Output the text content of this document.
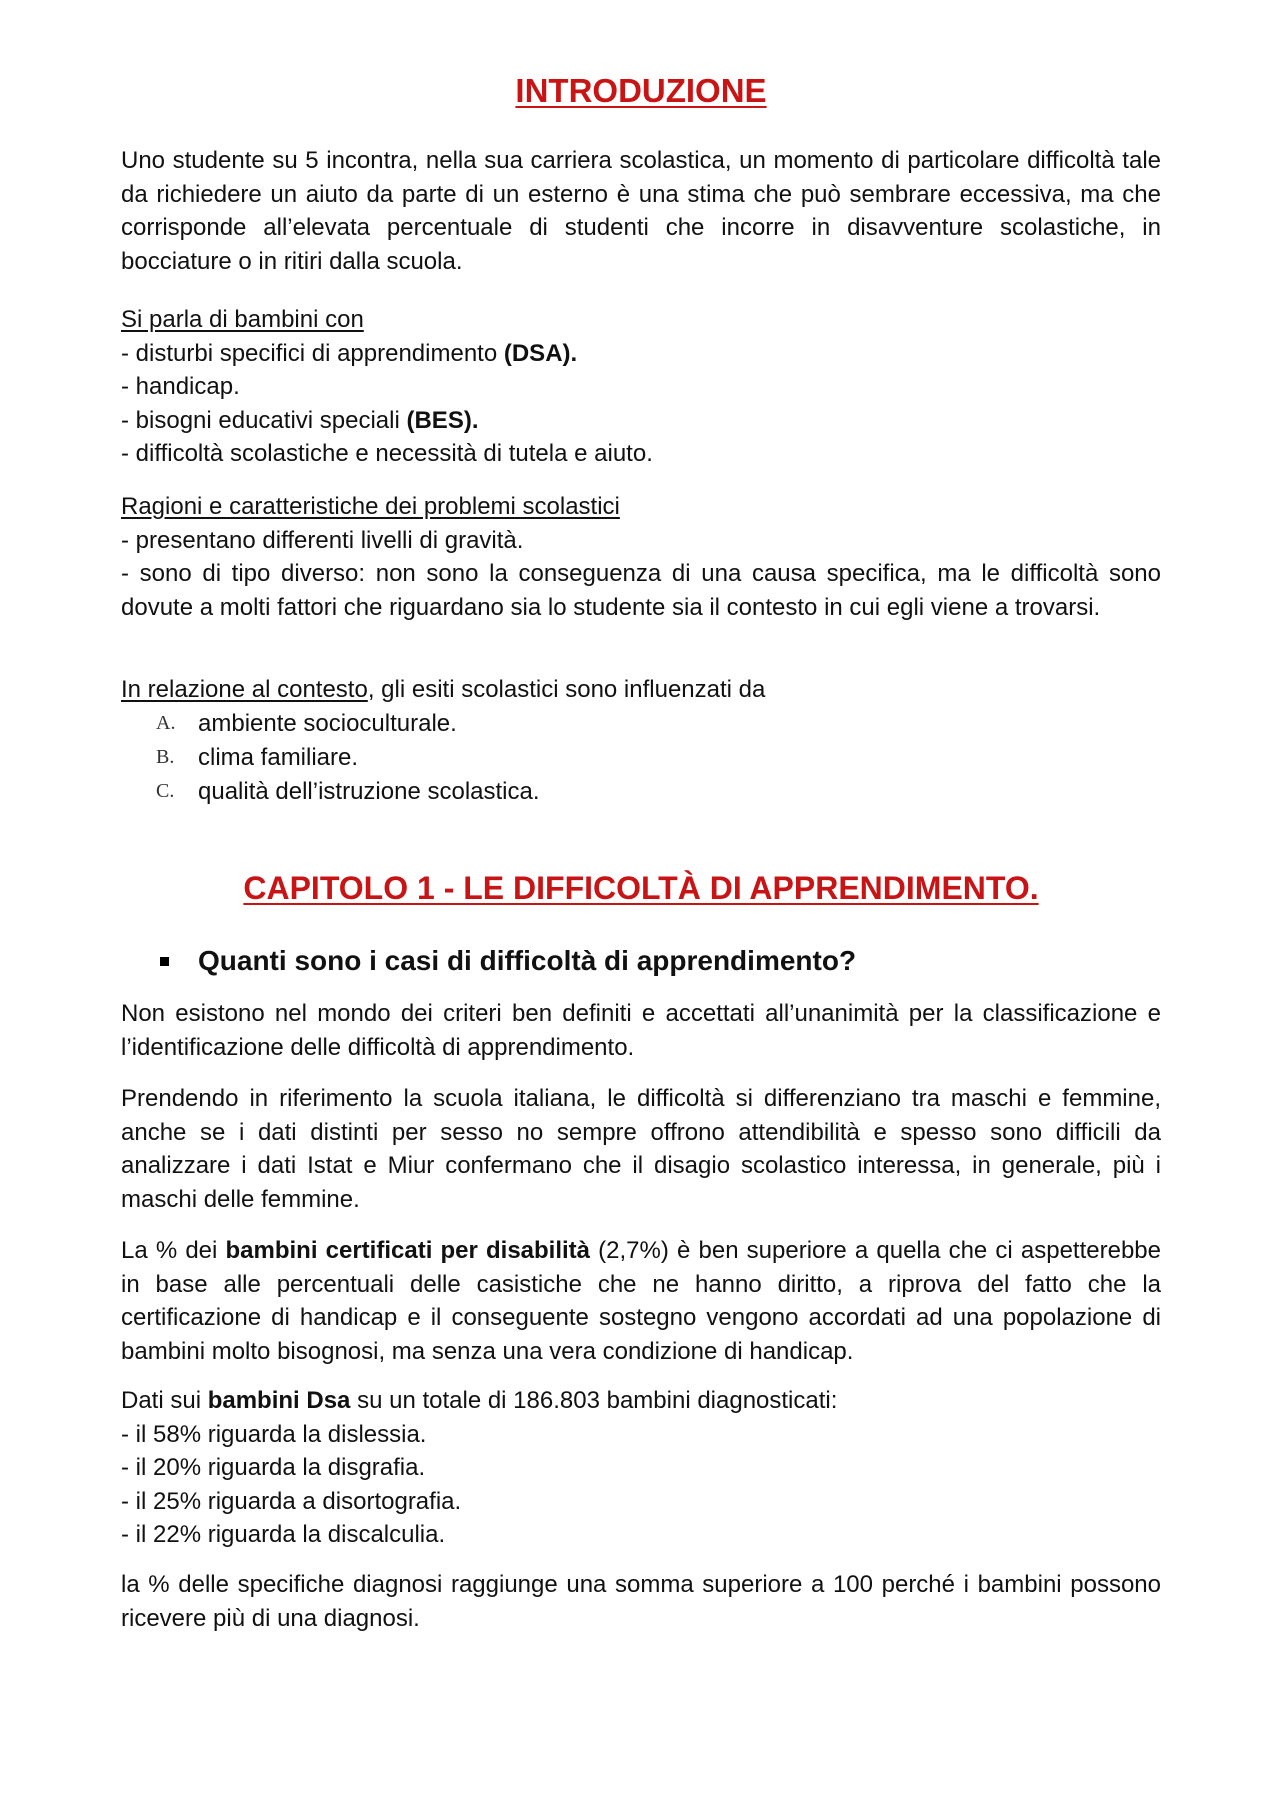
INTRODUZIONE

Uno studente su 5 incontra, nella sua carriera scolastica, un momento di particolare difficoltà tale da richiedere un aiuto da parte di un esterno è una stima che può sembrare eccessiva, ma che corrisponde all’elevata percentuale di studenti che incorre in disavventure scolastiche, in bocciature o in ritiri dalla scuola.

Si parla di bambini con

- disturbi specifici di apprendimento (DSA).

- handicap.

- bisogni educativi speciali (BES).

- difficoltà scolastiche e necessità di tutela e aiuto.

Ragioni e caratteristiche dei problemi scolastici

- presentano differenti livelli di gravità.

- sono di tipo diverso: non sono la conseguenza di una causa specifica, ma le difficoltà sono dovute a molti fattori che riguardano sia lo studente sia il contesto in cui egli viene a trovarsi.

In relazione al contesto, gli esiti scolastici sono influenzati da

A. ambiente socioculturale.
B. clima familiare.
C. qualità dell’istruzione scolastica.

CAPITOLO 1 - LE DIFFICOLTÀ DI APPRENDIMENTO.

Quanti sono i casi di difficoltà di apprendimento?

Non esistono nel mondo dei criteri ben definiti e accettati all’unanimità per la classificazione e l’identificazione delle difficoltà di apprendimento.

Prendendo in riferimento la scuola italiana, le difficoltà si differenziano tra maschi e femmine, anche se i dati distinti per sesso no sempre offrono attendibilità e spesso sono difficili da analizzare i dati Istat e Miur confermano che il disagio scolastico interessa, in generale, più i maschi delle femmine.

La % dei bambini certificati per disabilità (2,7%) è ben superiore a quella che ci aspetterebbe in base alle percentuali delle casistiche che ne hanno diritto, a riprova del fatto che la certificazione di handicap e il conseguente sostegno vengono accordati ad una popolazione di bambini molto bisognosi, ma senza una vera condizione di handicap.

Dati sui bambini Dsa su un totale di 186.803 bambini diagnosticati:

- il 58% riguarda la dislessia.

- il 20% riguarda la disgrafia.

- il 25% riguarda a disortografia.

- il 22% riguarda la discalculia.

la % delle specifiche diagnosi raggiunge una somma superiore a 100 perché i bambini possono ricevere più di una diagnosi.
